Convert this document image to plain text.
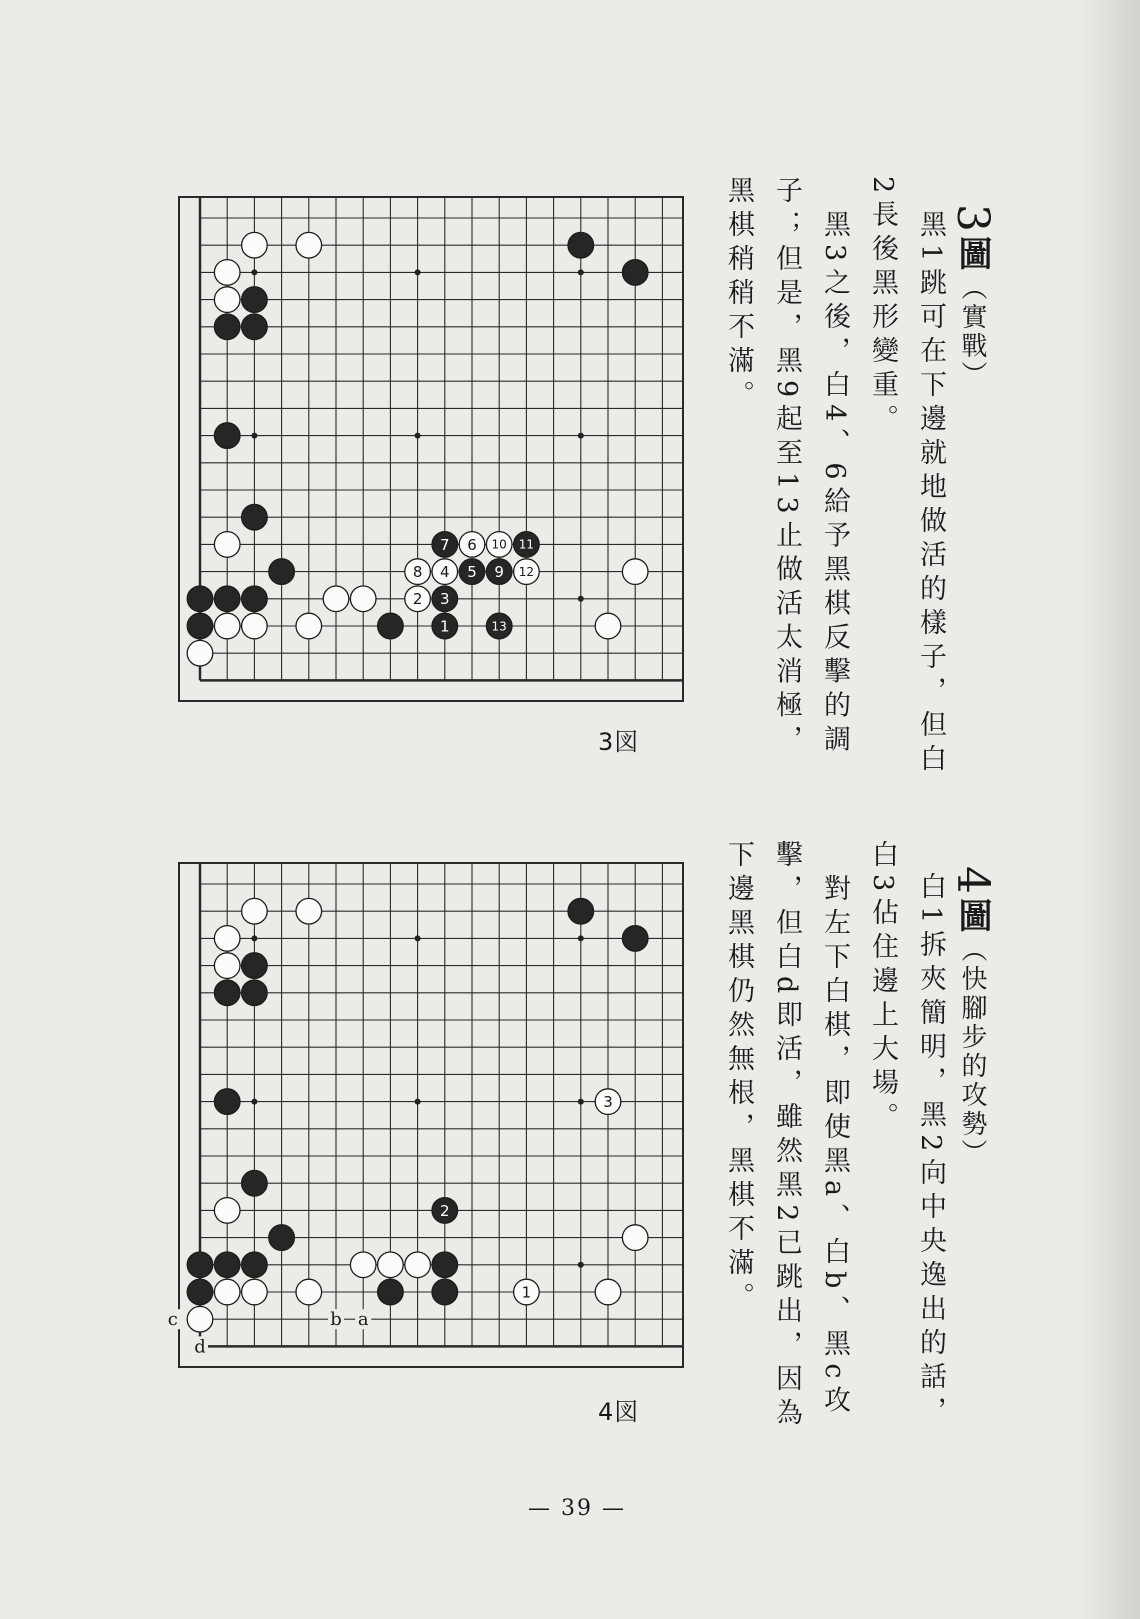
7 6 10 11
8 4 5 9 12
2 3
1	13
3図
3
2
1
b a
c
d
4図
3圖（實戰）
黑1跳可在下邊就地做活的樣子，但白
2長後黑形變重。
黑3之後，白4、6給予黑棋反擊的調
子；但是，黑9起至13止做活太消極，
黑棋稍稍不滿。
4圖（快腳步的攻勢）
白1拆夾簡明，黑2向中央逸出的話，
白3佔住邊上大場。
對左下白棋，即使黑a、白b、黑c攻
擊，但白d即活，雖然黑2已跳出，因為
下邊黑棋仍然無根，黑棋不滿。
— 39 —
